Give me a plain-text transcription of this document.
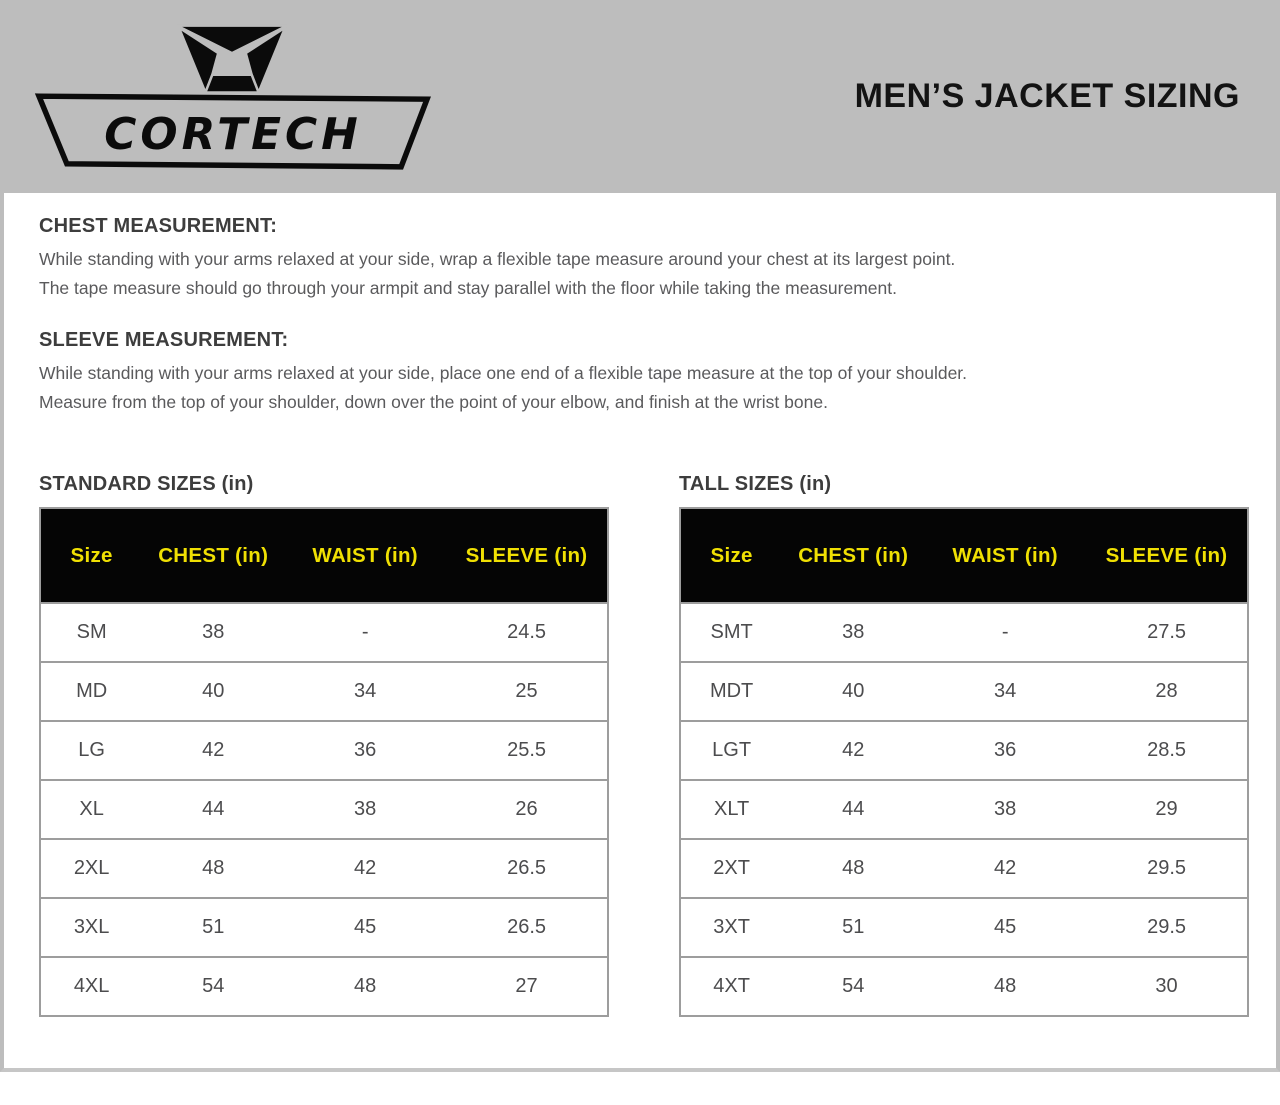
CORTECH
MEN’S JACKET SIZING
CHEST MEASUREMENT:

While standing with your arms relaxed at your side, wrap a flexible tape measure around your chest at its largest point.

The tape measure should go through your armpit and stay parallel with the floor while taking the measurement.

SLEEVE MEASUREMENT:

While standing with your arms relaxed at your side, place one end of a flexible tape measure at the top of your shoulder.

Measure from the top of your shoulder, down over the point of your elbow, and finish at the wrist bone.

STANDARD SIZES (in)
Size	CHEST (in)	WAIST (in)	SLEEVE (in)
SM	38	-	24.5
MD	40	34	25
LG	42	36	25.5
XL	44	38	26
2XL	48	42	26.5
3XL	51	45	26.5
4XL	54	48	27
TALL SIZES (in)
Size	CHEST (in)	WAIST (in)	SLEEVE (in)
SMT	38	-	27.5
MDT	40	34	28
LGT	42	36	28.5
XLT	44	38	29
2XT	48	42	29.5
3XT	51	45	29.5
4XT	54	48	30
